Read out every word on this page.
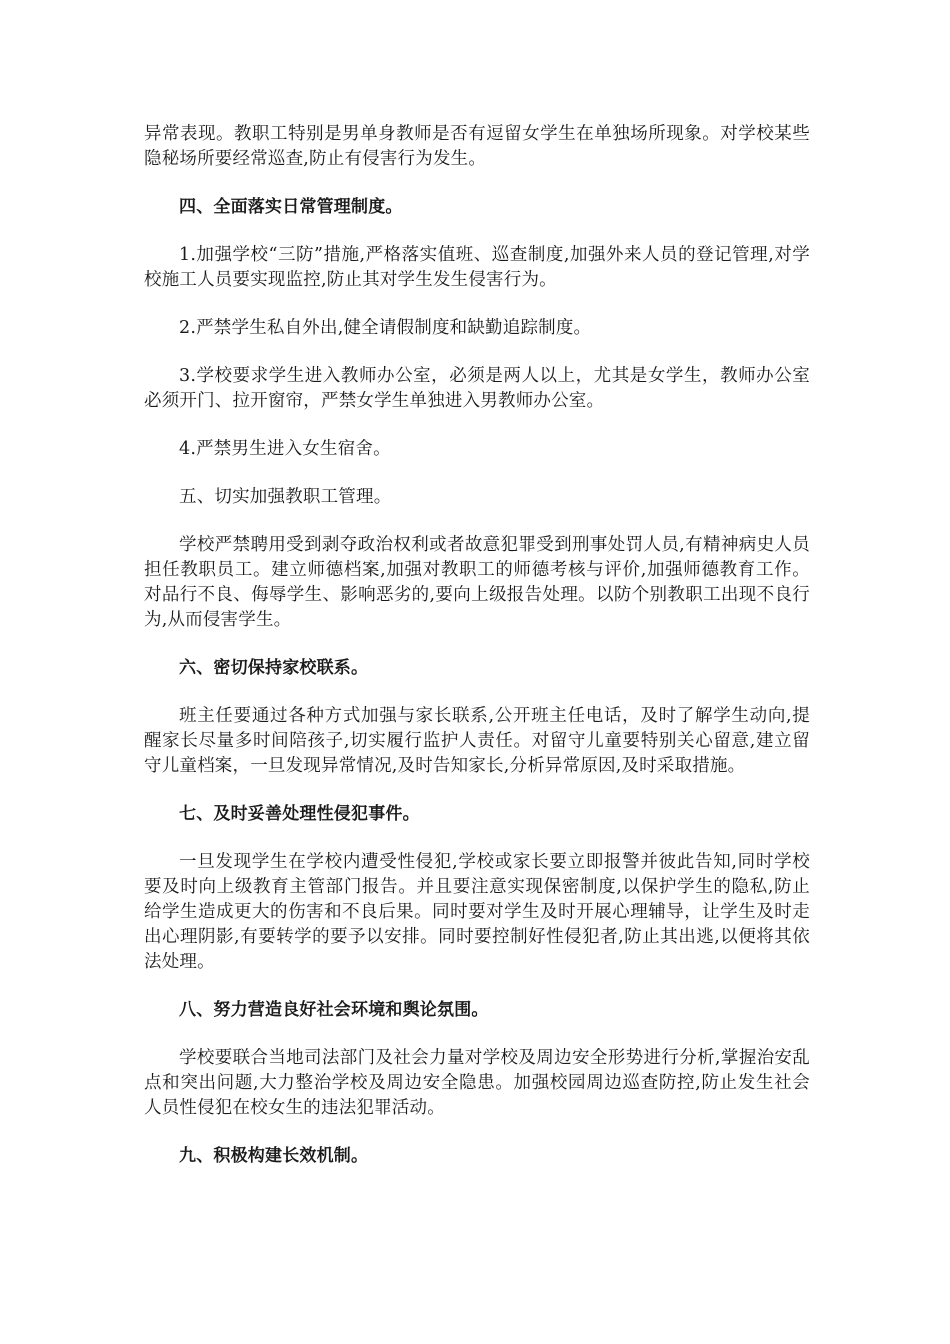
异常表现。教职工特别是男单身教师是否有逗留女学生在单独场所现象。对学校某些隐秘场所要经常巡查,防止有侵害行为发生。

四、全面落实日常管理制度。

1.加强学校“三防”措施,严格落实值班、巡查制度,加强外来人员的登记管理,对学校施工人员要实现监控,防止其对学生发生侵害行为。

2.严禁学生私自外出,健全请假制度和缺勤追踪制度。

3.学校要求学生进入教师办公室，必须是两人以上，尤其是女学生，教师办公室必须开门、拉开窗帘，严禁女学生单独进入男教师办公室。

4.严禁男生进入女生宿舍。

五、切实加强教职工管理。

学校严禁聘用受到剥夺政治权利或者故意犯罪受到刑事处罚人员,有精神病史人员担任教职员工。建立师德档案,加强对教职工的师德考核与评价,加强师德教育工作。对品行不良、侮辱学生、影响恶劣的,要向上级报告处理。以防个别教职工出现不良行为,从而侵害学生。

六、密切保持家校联系。

班主任要通过各种方式加强与家长联系,公开班主任电话，及时了解学生动向,提醒家长尽量多时间陪孩子,切实履行监护人责任。对留守儿童要特别关心留意,建立留守儿童档案，一旦发现异常情况,及时告知家长,分析异常原因,及时采取措施。

七、及时妥善处理性侵犯事件。

一旦发现学生在学校内遭受性侵犯,学校或家长要立即报警并彼此告知,同时学校要及时向上级教育主管部门报告。并且要注意实现保密制度,以保护学生的隐私,防止给学生造成更大的伤害和不良后果。同时要对学生及时开展心理辅导，让学生及时走出心理阴影,有要转学的要予以安排。同时要控制好性侵犯者,防止其出逃,以便将其依法处理。

八、努力营造良好社会环境和舆论氛围。

学校要联合当地司法部门及社会力量对学校及周边安全形势进行分析,掌握治安乱点和突出问题,大力整治学校及周边安全隐患。加强校园周边巡查防控,防止发生社会人员性侵犯在校女生的违法犯罪活动。

九、积极构建长效机制。
